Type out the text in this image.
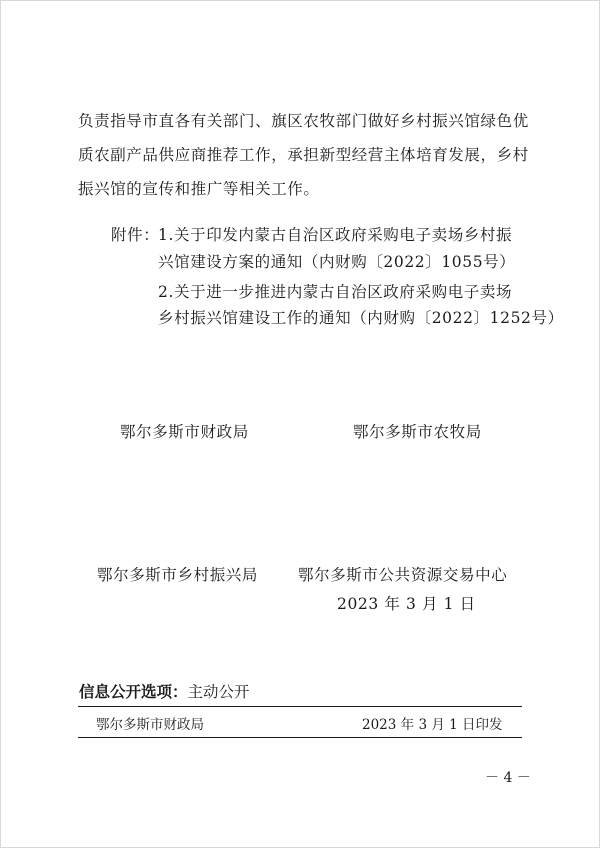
负责指导市直各有关部门、旗区农牧部门做好乡村振兴馆绿色优
质农副产品供应商推荐工作，承担新型经营主体培育发展，乡村
振兴馆的宣传和推广等相关工作。
附件：
1.关于印发内蒙古自治区政府采购电子卖场乡村振
兴馆建设方案的通知（内财购〔2022〕1055号）
2.关于进一步推进内蒙古自治区政府采购电子卖场
乡村振兴馆建设工作的通知（内财购〔2022〕1252号）
鄂尔多斯市财政局	鄂尔多斯市农牧局
鄂尔多斯市乡村振兴局	鄂尔多斯市公共资源交易中心
2023 年 3 月 1 日
信息公开选项：主动公开
鄂尔多斯市财政局	2023 年 3 月 1 日印发
－ 4 －
